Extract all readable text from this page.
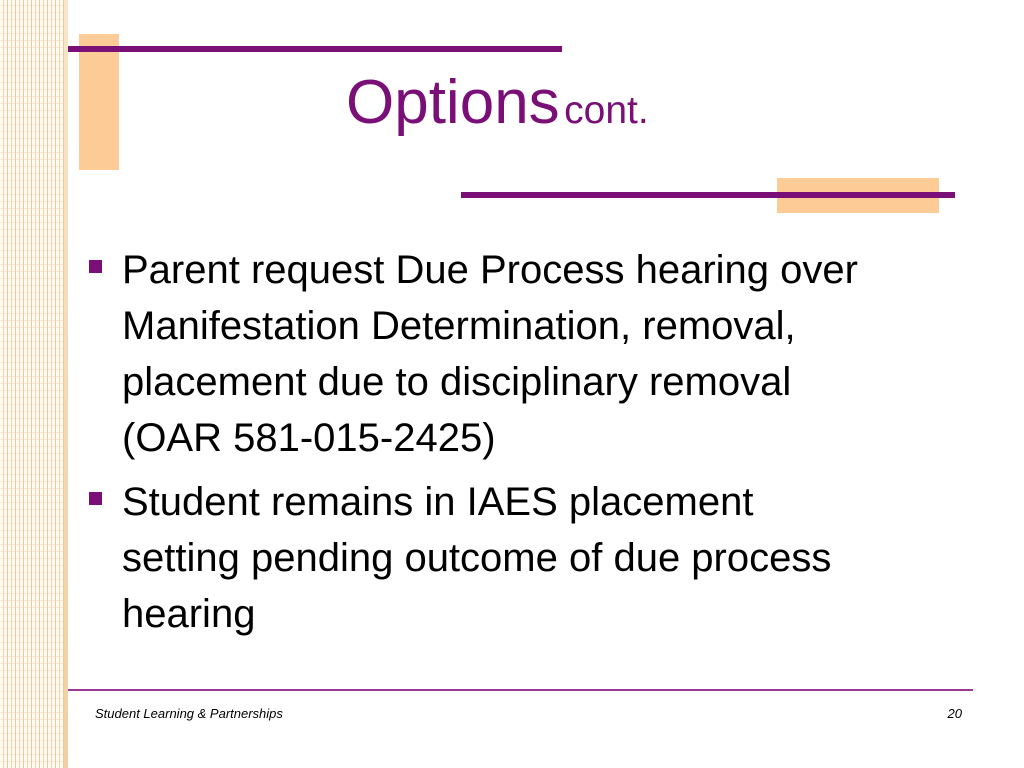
Options cont.
Parent request Due Process hearing over
Manifestation Determination, removal,
placement due to disciplinary removal
(OAR 581-015-2425)
Student remains in IAES placement
setting pending outcome of due process
hearing
Student Learning & Partnerships	20
